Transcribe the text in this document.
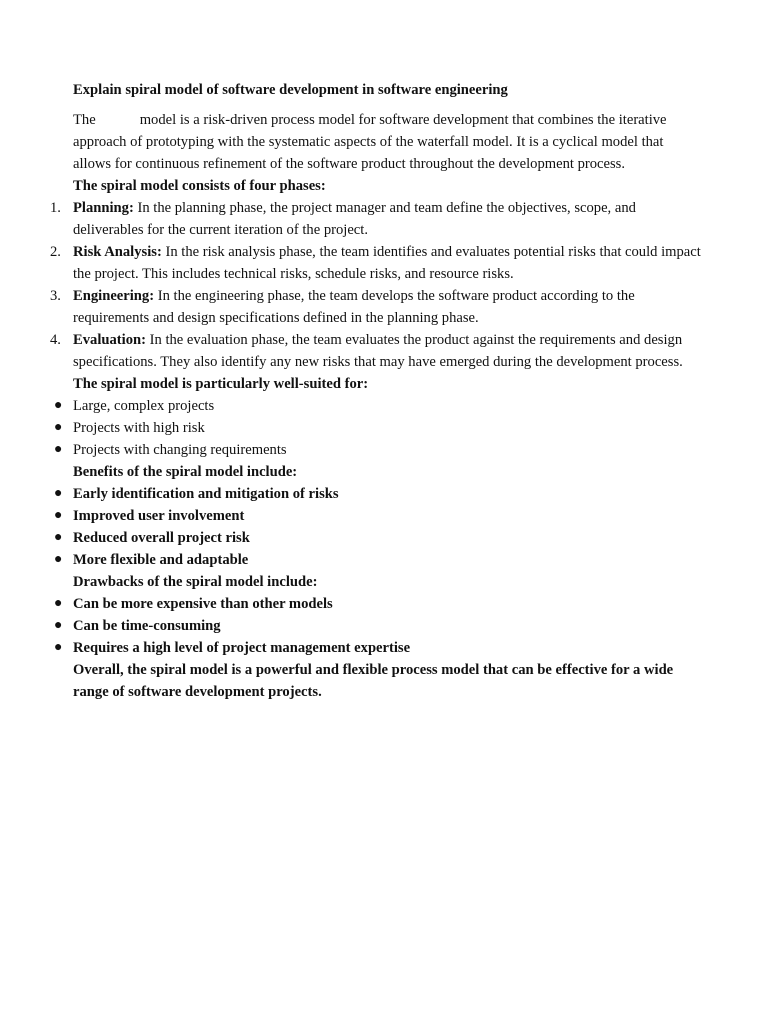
Explain spiral model of software development in software engineering

The	model is a risk-driven process model for software development that combines the iterative approach of prototyping with the systematic aspects of the waterfall model. It is a cyclical model that allows for continuous refinement of the software product throughout the development process.

The spiral model consists of four phases:

1. Planning: In the planning phase, the project manager and team define the objectives, scope, and deliverables for the current iteration of the project.
2. Risk Analysis: In the risk analysis phase, the team identifies and evaluates potential risks that could impact the project. This includes technical risks, schedule risks, and resource risks.
3. Engineering: In the engineering phase, the team develops the software product according to the requirements and design specifications defined in the planning phase.
4. Evaluation: In the evaluation phase, the team evaluates the product against the requirements and design specifications. They also identify any new risks that may have emerged during the development process.

The spiral model is particularly well-suited for:

● Large, complex projects
● Projects with high risk
● Projects with changing requirements

Benefits of the spiral model include:

● Early identification and mitigation of risks
● Improved user involvement
● Reduced overall project risk
● More flexible and adaptable

Drawbacks of the spiral model include:

● Can be more expensive than other models
● Can be time-consuming
● Requires a high level of project management expertise

Overall, the spiral model is a powerful and flexible process model that can be effective for a wide range of software development projects.
